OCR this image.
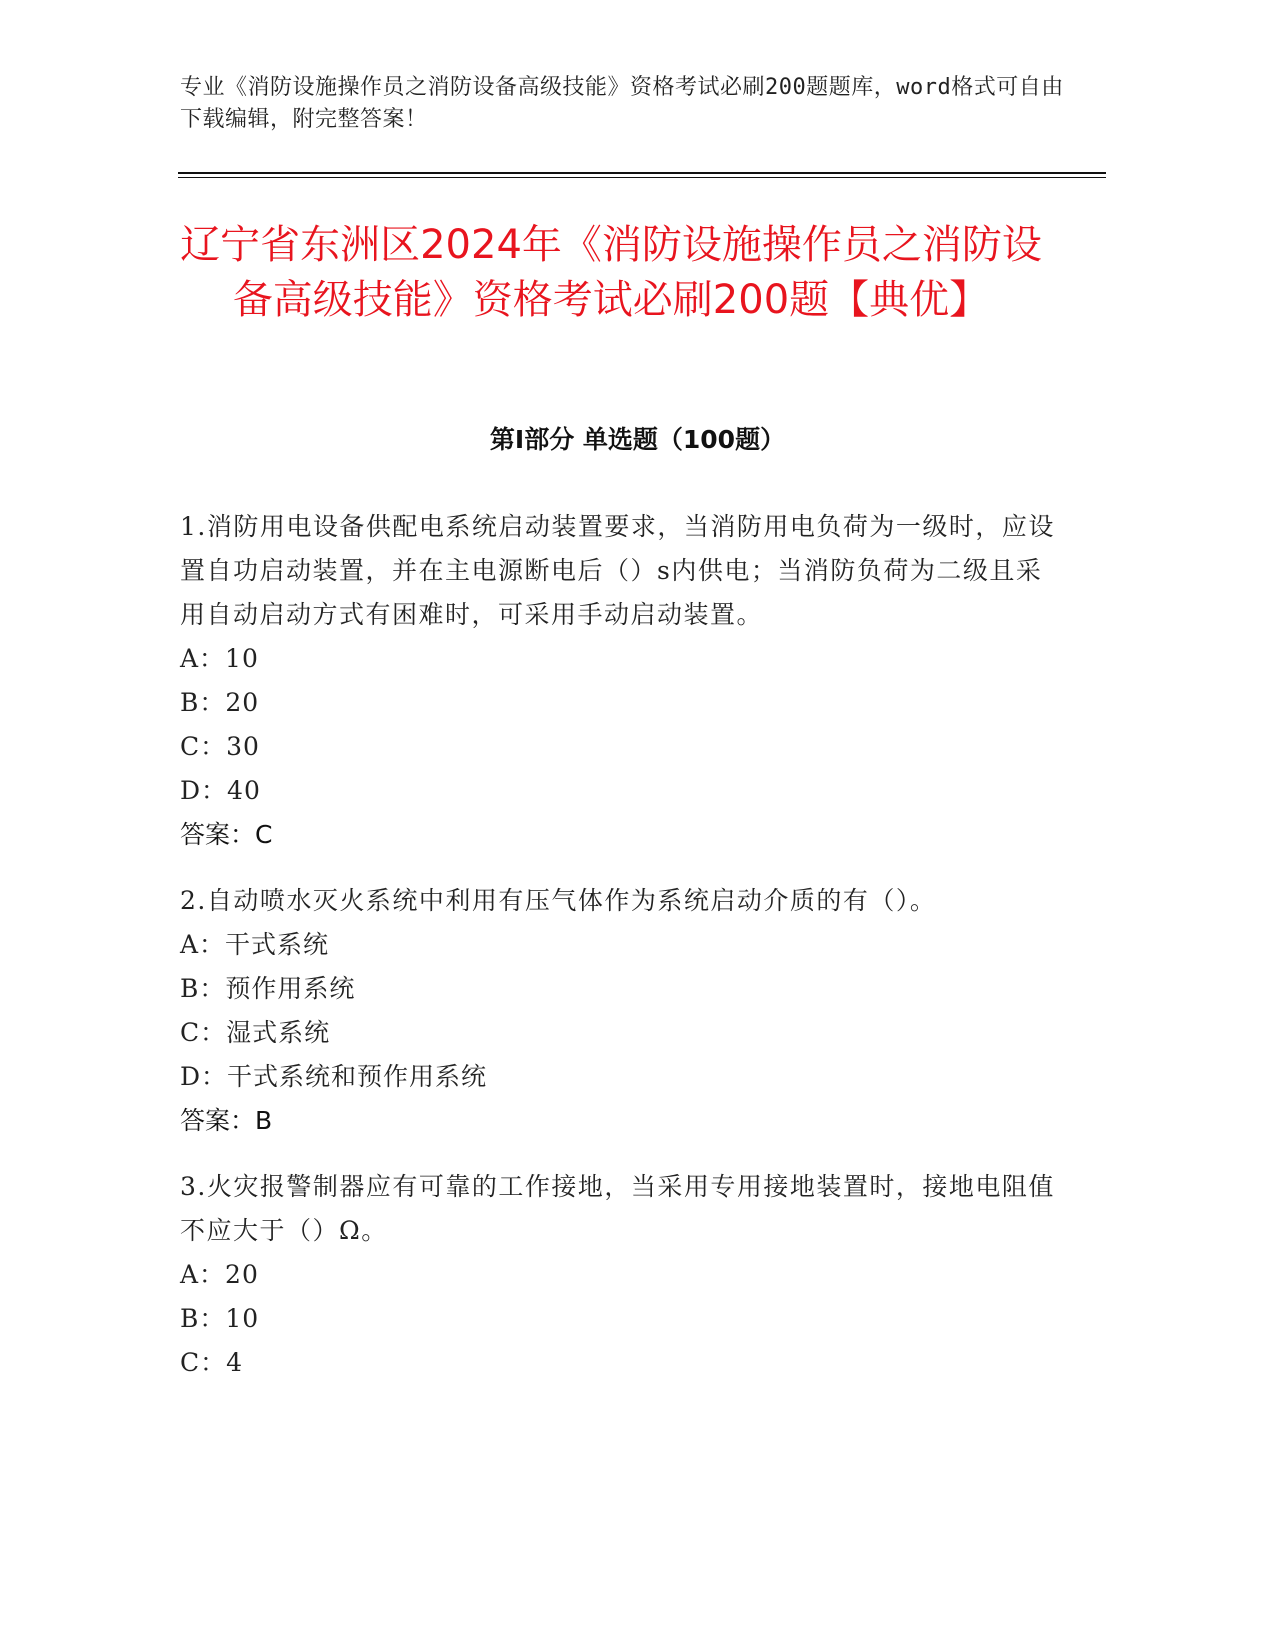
专业《消防设施操作员之消防设备高级技能》资格考试必刷200题题库，word格式可自由下载编辑，附完整答案！
辽宁省东洲区2024年《消防设施操作员之消防设备高级技能》资格考试必刷200题【典优】
第Ⅰ部分 单选题（100题）

1.消防用电设备供配电系统启动装置要求，当消防用电负荷为一级时，应设置自功启动装置，并在主电源断电后（）s内供电；当消防负荷为二级且采用自动启动方式有困难时，可采用手动启动装置。

A：10

B：20

C：30

D：40

答案：C

2.自动喷水灭火系统中利用有压气体作为系统启动介质的有（）。

A：干式系统

B：预作用系统

C：湿式系统

D：干式系统和预作用系统

答案：B

3.火灾报警制器应有可靠的工作接地，当采用专用接地装置时，接地电阻值不应大于（）Ω。

A：20

B：10

C：4
